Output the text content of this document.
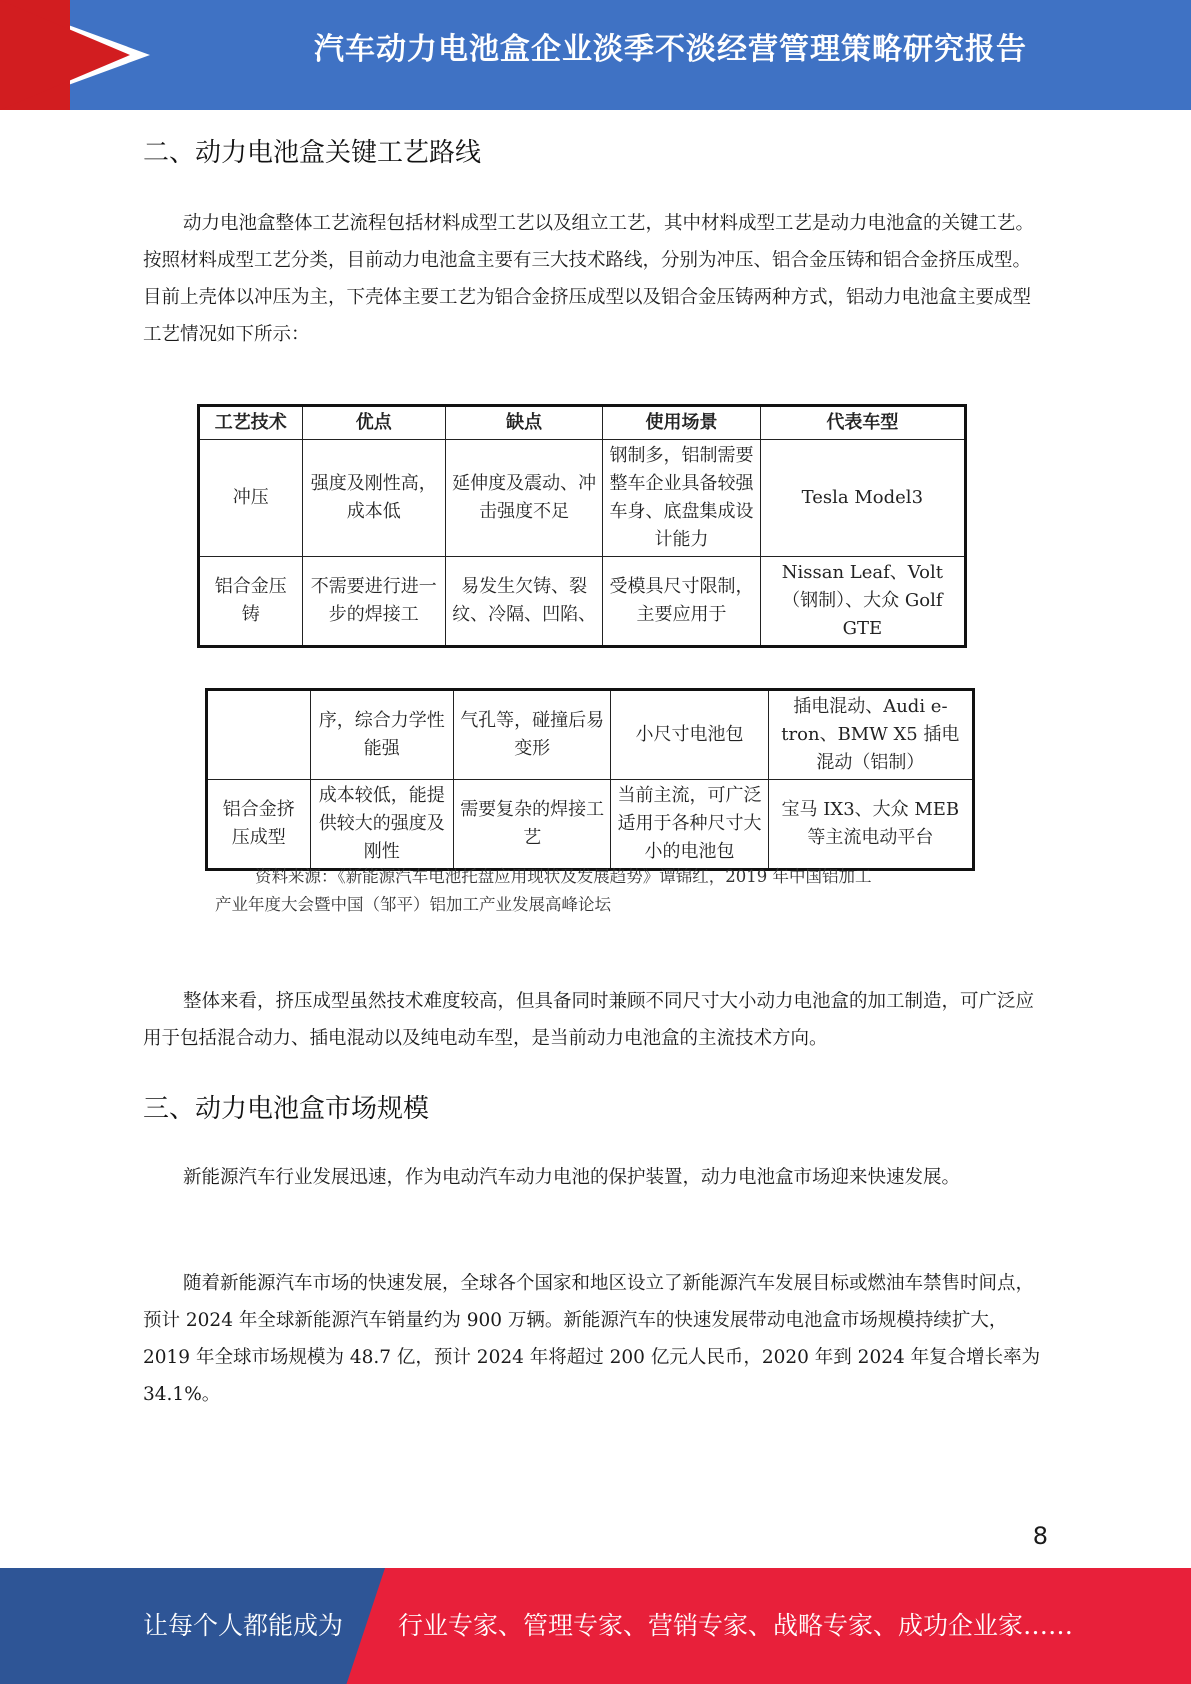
汽车动力电池盒企业淡季不淡经营管理策略研究报告
二、动力电池盒关键工艺路线
动力电池盒整体工艺流程包括材料成型工艺以及组立工艺，其中材料成型工艺是动力电池盒的关键工艺。按照材料成型工艺分类，目前动力电池盒主要有三大技术路线，分别为冲压、铝合金压铸和铝合金挤压成型。目前上壳体以冲压为主，下壳体主要工艺为铝合金挤压成型以及铝合金压铸两种方式，铝动力电池盒主要成型工艺情况如下所示：
工艺技术	优点	缺点	使用场景	代表车型
冲压	强度及刚性高，成本低	延伸度及震动、冲击强度不足	钢制多，铝制需要整车企业具备较强车身、底盘集成设计能力	Tesla Model3
铝合金压铸	不需要进行进一步的焊接工	易发生欠铸、裂纹、冷隔、凹陷、	受模具尺寸限制，主要应用于	Nissan Leaf、Volt（钢制）、大众 Golf GTE
	序，综合力学性能强	气孔等，碰撞后易变形	小尺寸电池包	插电混动、Audi e-tron、BMW X5 插电混动（铝制）
铝合金挤压成型	成本较低，能提供较大的强度及刚性	需要复杂的焊接工艺	当前主流，可广泛适用于各种尺寸大小的电池包	宝马 IX3、大众 MEB 等主流电动平台
资料来源：《新能源汽车电池托盘应用现状及发展趋势》谭锦红，2019 年中国铝加工
产业年度大会暨中国（邹平）铝加工产业发展高峰论坛
整体来看，挤压成型虽然技术难度较高，但具备同时兼顾不同尺寸大小动力电池盒的加工制造，可广泛应用于包括混合动力、插电混动以及纯电动车型，是当前动力电池盒的主流技术方向。
三、动力电池盒市场规模
新能源汽车行业发展迅速，作为电动汽车动力电池的保护装置，动力电池盒市场迎来快速发展。
随着新能源汽车市场的快速发展，全球各个国家和地区设立了新能源汽车发展目标或燃油车禁售时间点，预计 2024 年全球新能源汽车销量约为 900 万辆。新能源汽车的快速发展带动电池盒市场规模持续扩大，2019 年全球市场规模为 48.7 亿，预计 2024 年将超过 200 亿元人民币，2020 年到 2024 年复合增长率为 34.1%。
8
让每个人都能成为 行业专家、管理专家、营销专家、战略专家、成功企业家……
